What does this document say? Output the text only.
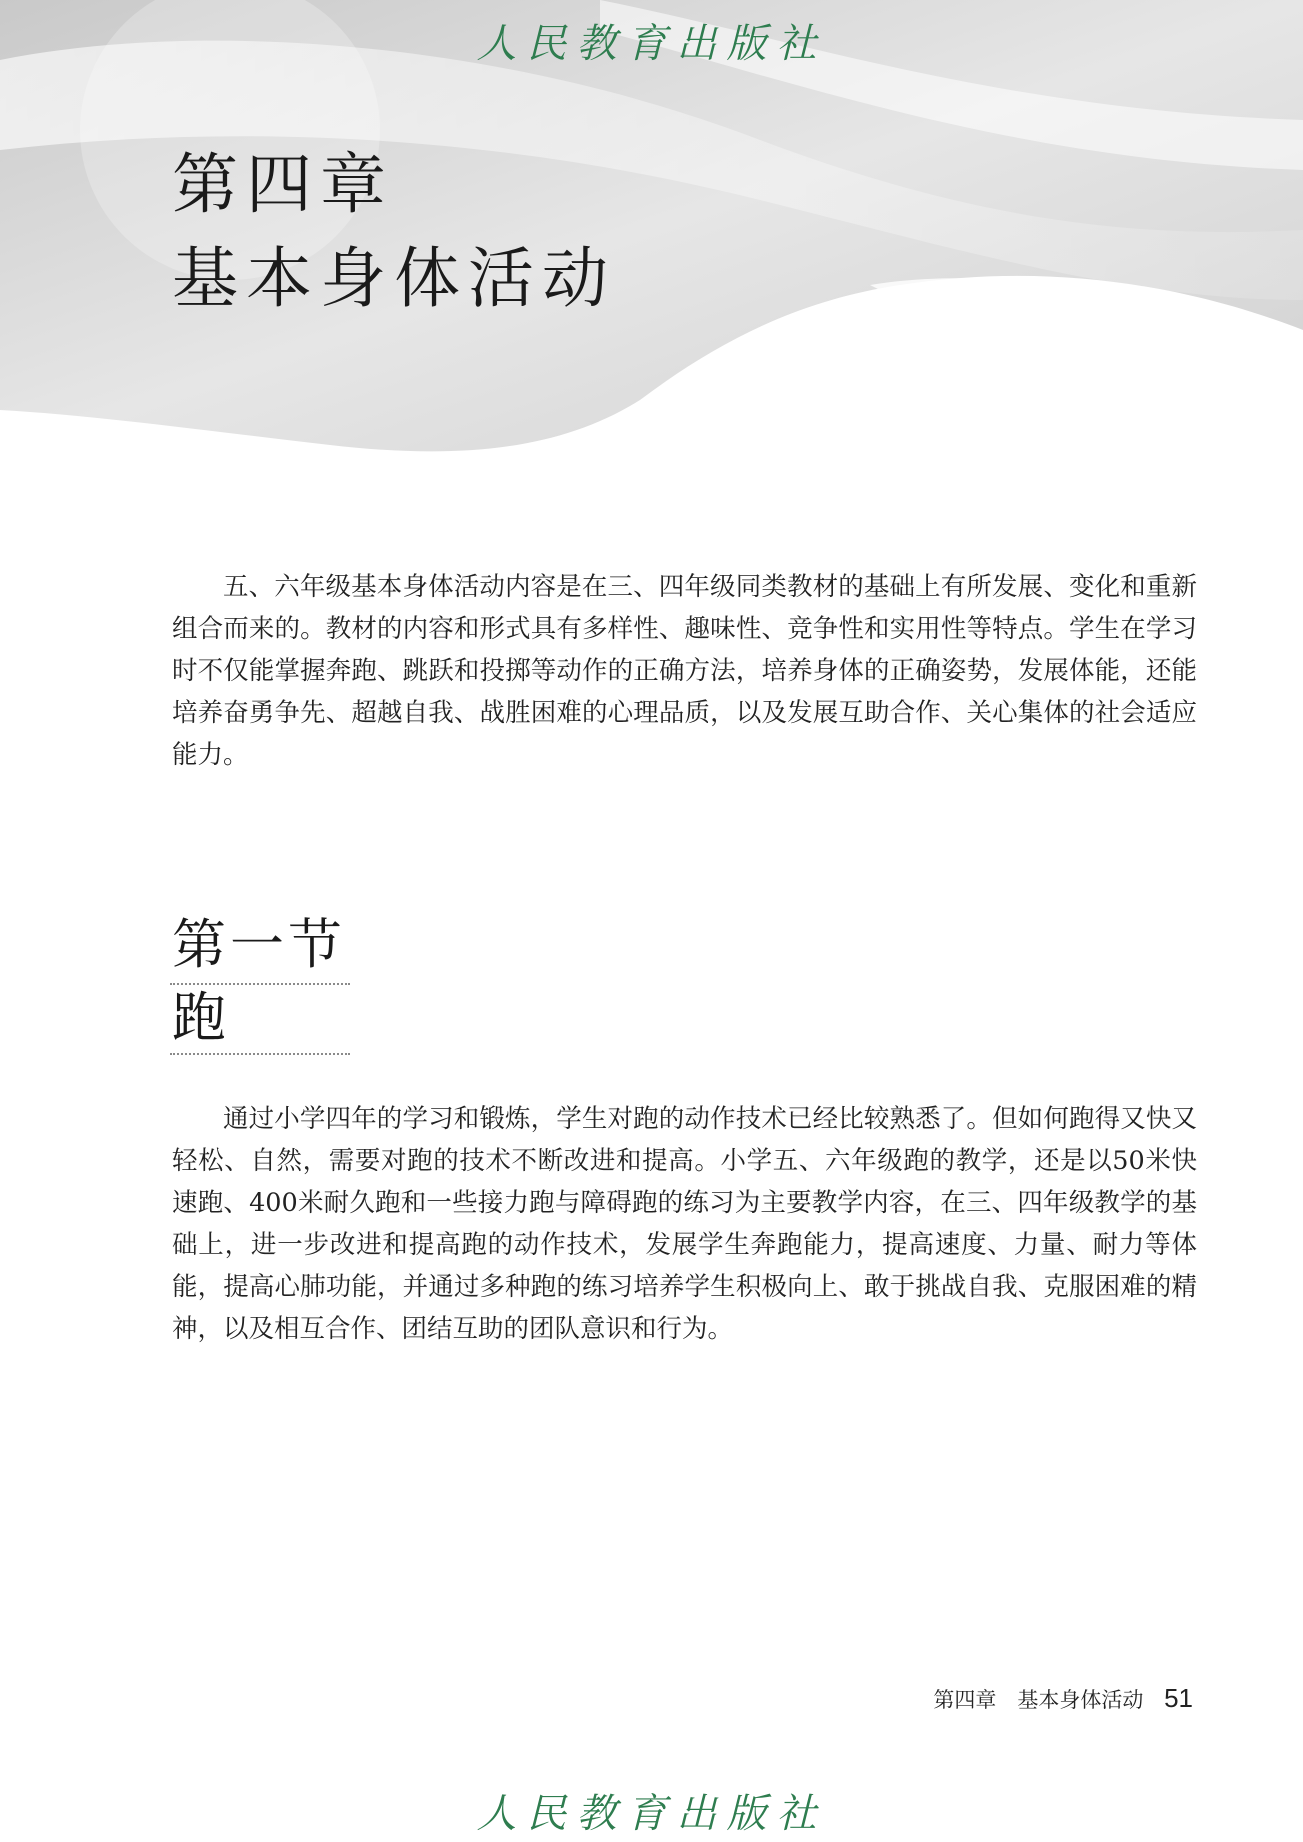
人民教育出版社
第四章
基本身体活动

五、六年级基本身体活动内容是在三、四年级同类教材的基础上有所发展、变化和重新组合而来的。教材的内容和形式具有多样性、趣味性、竞争性和实用性等特点。学生在学习时不仅能掌握奔跑、跳跃和投掷等动作的正确方法，培养身体的正确姿势，发展体能，还能培养奋勇争先、超越自我、战胜困难的心理品质，以及发展互助合作、关心集体的社会适应能力。

第一节
跑

通过小学四年的学习和锻炼，学生对跑的动作技术已经比较熟悉了。但如何跑得又快又轻松、自然，需要对跑的技术不断改进和提高。小学五、六年级跑的教学，还是以50米快速跑、400米耐久跑和一些接力跑与障碍跑的练习为主要教学内容，在三、四年级教学的基础上，进一步改进和提高跑的动作技术，发展学生奔跑能力，提高速度、力量、耐力等体能，提高心肺功能，并通过多种跑的练习培养学生积极向上、敢于挑战自我、克服困难的精神，以及相互合作、团结互助的团队意识和行为。

第四章　基本身体活动 51
人民教育出版社
